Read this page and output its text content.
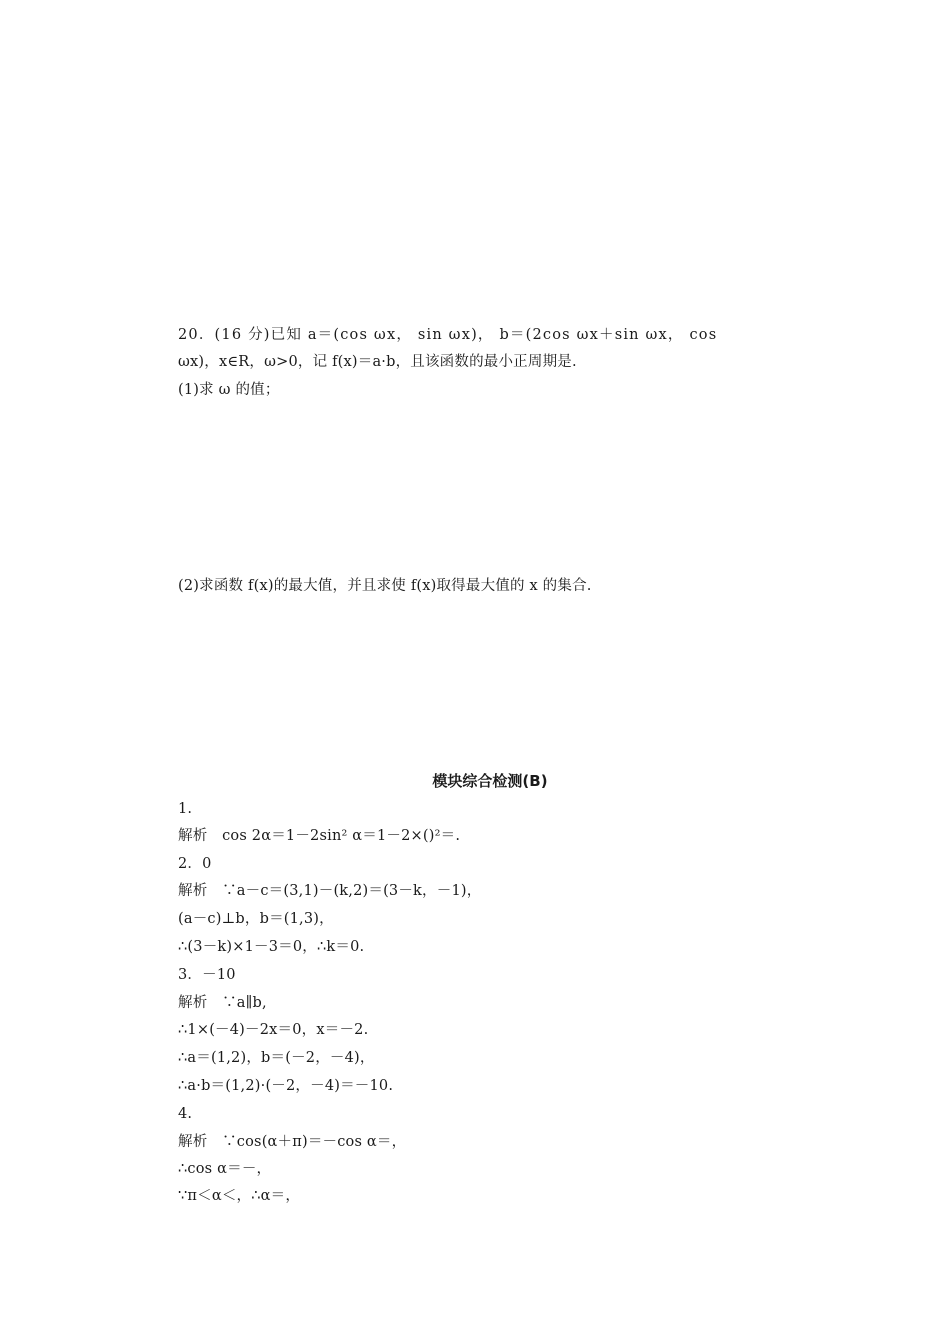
20．(16 分)已知 a＝(cos ωx， sin ωx)， b＝(2cos ωx＋sin ωx， cos
ωx)，x∈R，ω>0，记 f(x)＝a·b，且该函数的最小正周期是.
(1)求 ω 的值；
(2)求函数 f(x)的最大值，并且求使 f(x)取得最大值的 x 的集合.
模块综合检测(B)
1.
解析　cos 2α＝1－2sin² α＝1－2×()²＝.
2．0
解析　∵a－c＝(3,1)－(k,2)＝(3－k，－1)，
(a－c)⊥b，b＝(1,3)，
∴(3－k)×1－3＝0，∴k＝0.
3．－10
解析　∵a∥b,
∴1×(－4)－2x＝0，x＝－2.
∴a＝(1,2)，b＝(－2，－4)，
∴a·b＝(1,2)·(－2，－4)＝－10.
4.
解析　∵cos(α＋π)＝－cos α＝，
∴cos α＝－，
∵π＜α＜，∴α＝，
